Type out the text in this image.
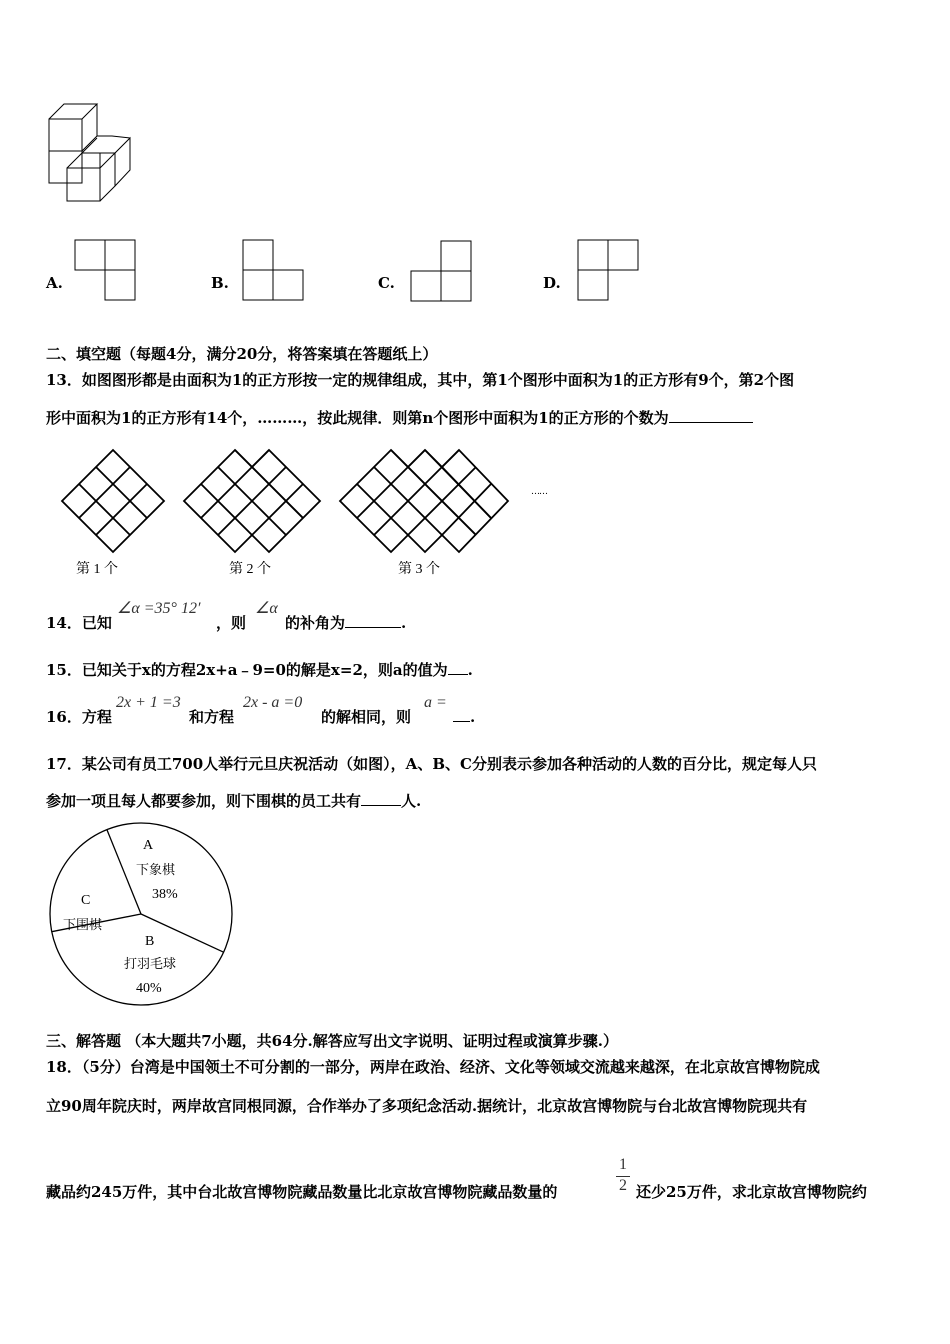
A.	B.	C.	D.
二、填空题（每题4分，满分20分，将答案填在答题纸上）
13．如图图形都是由面积为1的正方形按一定的规律组成，其中，第1个图形中面积为1的正方形有9个，第2个图
形中面积为1的正方形有14个，………，按此规律．则第n个图形中面积为1的正方形的个数为
……
第 1 个	第 2 个	第 3 个
14．已知
∠α =35° 12′
，则
∠α
的补角为	.
15．已知关于x的方程2x+a﹣9=0的解是x=2，则a的值为 .
16．方程
2x + 1 =3
和方程
2x - a =0
的解相同，则
a =
.
17．某公司有员工700人举行元旦庆祝活动（如图），A、B、C分别表示参加各种活动的人数的百分比，规定每人只
参加一项且每人都要参加，则下围棋的员工共有	人.
A
下象棋
38%
C
下围棋
B
打羽毛球
40%
三、解答题 （本大题共7小题，共64分.解答应写出文字说明、证明过程或演算步骤.）
18．（5分）台湾是中国领土不可分割的一部分，两岸在政治、经济、文化等领域交流越来越深，在北京故宫博物院成
立90周年院庆时，两岸故宫同根同源，合作举办了多项纪念活动.据统计，北京故宫博物院与台北故宫博物院现共有
藏品约245万件，其中台北故宫博物院藏品数量比北京故宫博物院藏品数量的
1
2 还少25万件，求北京故宫博物院约
